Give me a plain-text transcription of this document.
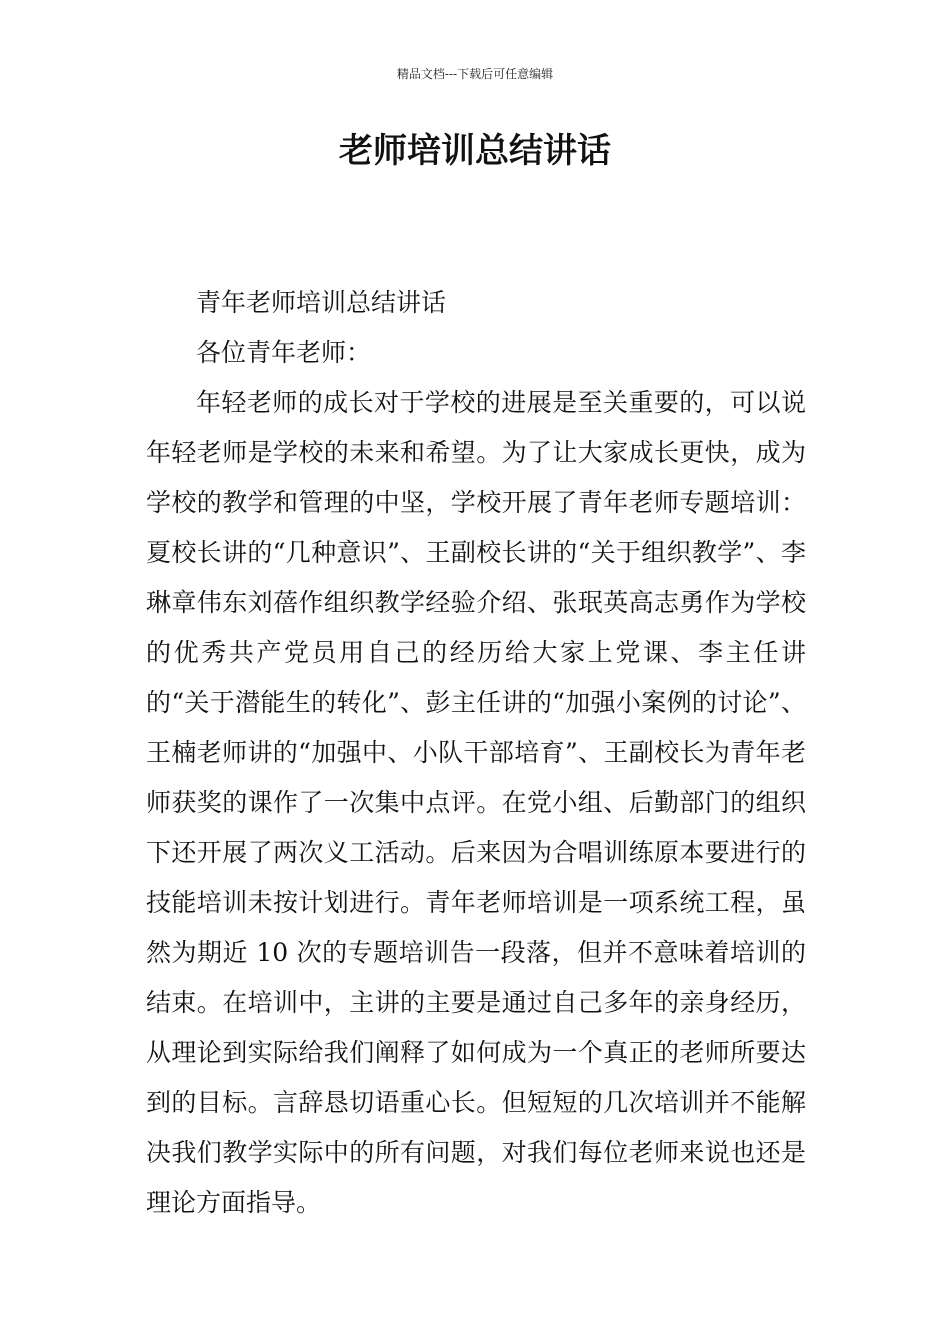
精品文档---下载后可任意编辑
老师培训总结讲话

青年老师培训总结讲话

各位青年老师：

年轻老师的成长对于学校的进展是至关重要的，可以说年轻老师是学校的未来和希望。为了让大家成长更快，成为学校的教学和管理的中坚，学校开展了青年老师专题培训：夏校长讲的“几种意识”、王副校长讲的“关于组织教学”、李琳章伟东刘蓓作组织教学经验介绍、张珉英高志勇作为学校的优秀共产党员用自己的经历给大家上党课、李主任讲的“关于潜能生的转化”、彭主任讲的“加强小案例的讨论”、王楠老师讲的“加强中、小队干部培育”、王副校长为青年老师获奖的课作了一次集中点评。在党小组、后勤部门的组织下还开展了两次义工活动。后来因为合唱训练原本要进行的技能培训未按计划进行。青年老师培训是一项系统工程，虽然为期近 10 次的专题培训告一段落，但并不意味着培训的结束。在培训中，主讲的主要是通过自己多年的亲身经历，从理论到实际给我们阐释了如何成为一个真正的老师所要达到的目标。言辞恳切语重心长。但短短的几次培训并不能解决我们教学实际中的所有问题，对我们每位老师来说也还是理论方面指导。
